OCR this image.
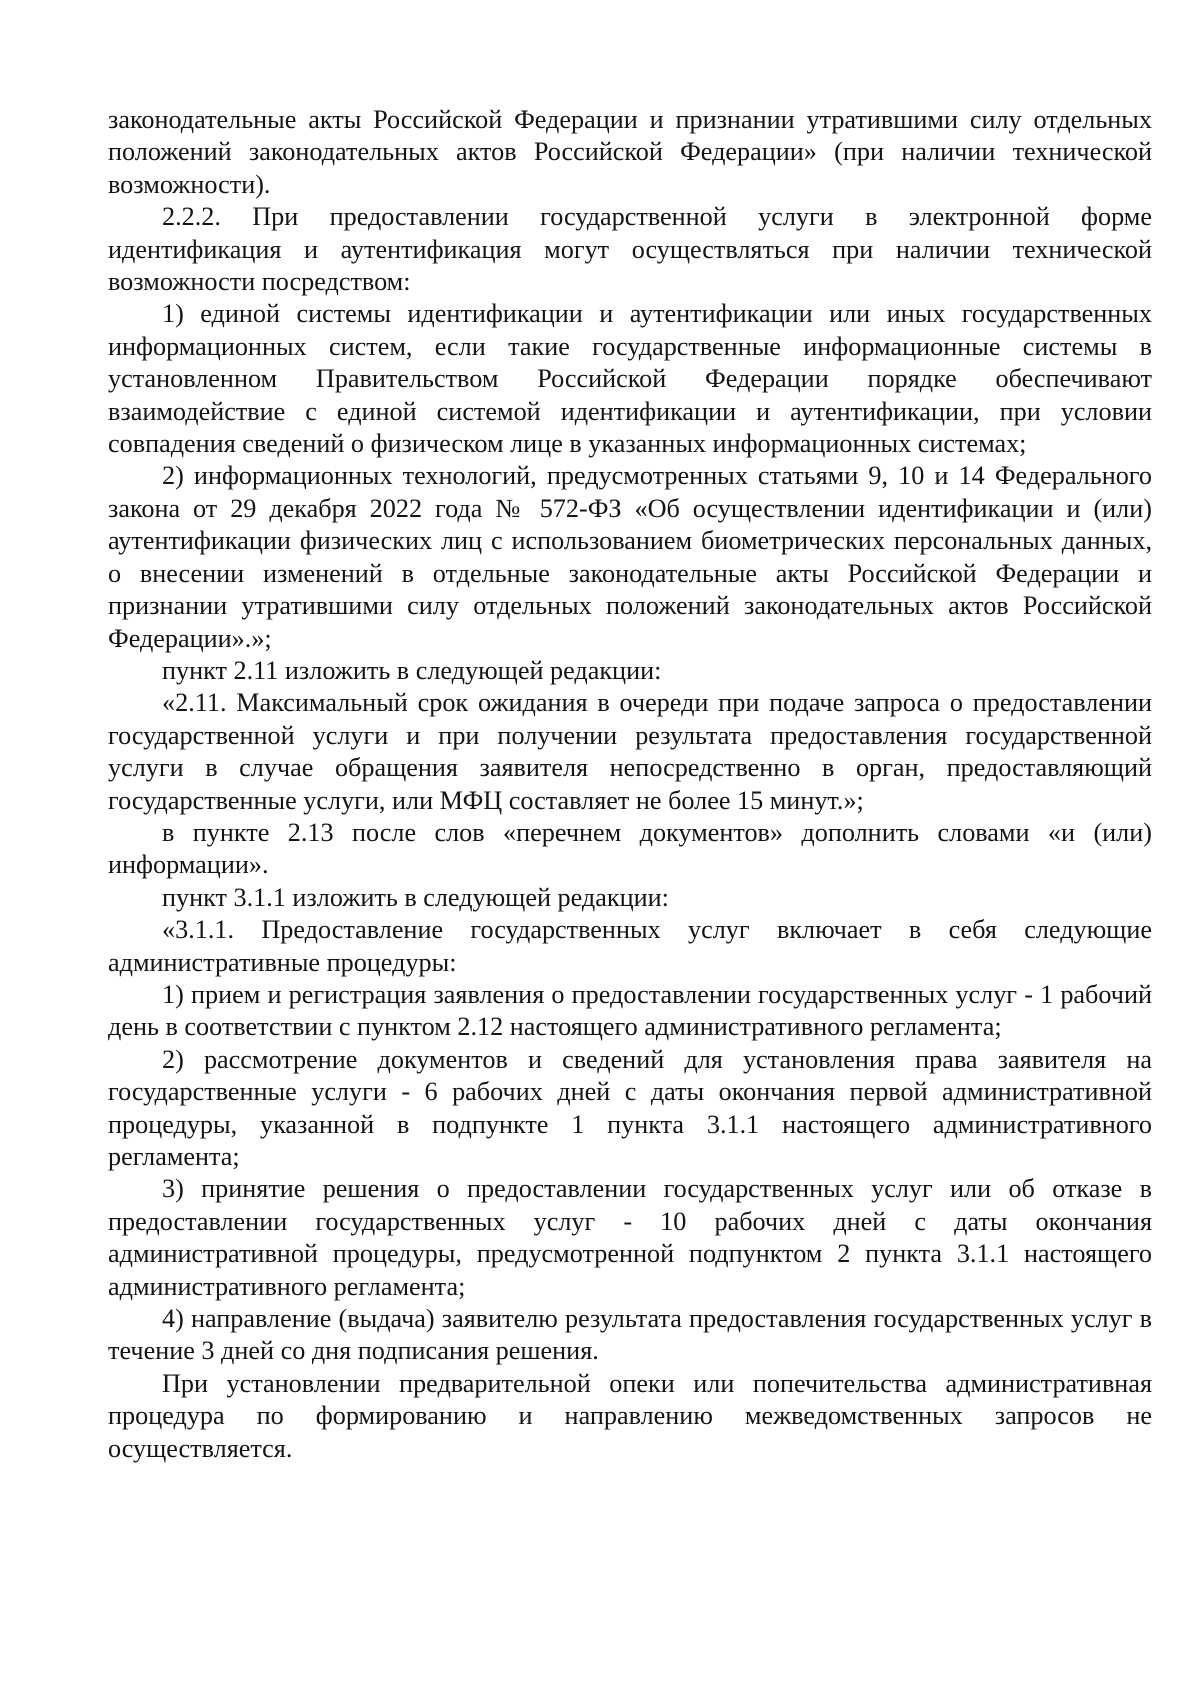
законодательные акты Российской Федерации и признании утратившими силу отдельных положений законодательных актов Российской Федерации» (при наличии технической возможности).

2.2.2. При предоставлении государственной услуги в электронной форме идентификация и аутентификация могут осуществляться при наличии технической возможности посредством:

1) единой системы идентификации и аутентификации или иных государственных информационных систем, если такие государственные информационные системы в установленном Правительством Российской Федерации порядке обеспечивают взаимодействие с единой системой идентификации и аутентификации, при условии совпадения сведений о физическом лице в указанных информационных системах;

2) информационных технологий, предусмотренных статьями 9, 10 и 14 Федерального закона от 29 декабря 2022 года № 572-ФЗ «Об осуществлении идентификации и (или) аутентификации физических лиц с использованием биометрических персональных данных, о внесении изменений в отдельные законодательные акты Российской Федерации и признании утратившими силу отдельных положений законодательных актов Российской Федерации».»;

пункт 2.11 изложить в следующей редакции:

«2.11. Максимальный срок ожидания в очереди при подаче запроса о предоставлении государственной услуги и при получении результата предоставления государственной услуги в случае обращения заявителя непосредственно в орган, предоставляющий государственные услуги, или МФЦ составляет не более 15 минут.»;

в пункте 2.13 после слов «перечнем документов» дополнить словами «и (или) информации».

пункт 3.1.1 изложить в следующей редакции:

«3.1.1. Предоставление государственных услуг включает в себя следующие административные процедуры:

1) прием и регистрация заявления о предоставлении государственных услуг - 1 рабочий день в соответствии с пунктом 2.12 настоящего административного регламента;

2) рассмотрение документов и сведений для установления права заявителя на государственные услуги - 6 рабочих дней с даты окончания первой административной процедуры, указанной в подпункте 1 пункта 3.1.1 настоящего административного регламента;

3) принятие решения о предоставлении государственных услуг или об отказе в предоставлении государственных услуг - 10 рабочих дней с даты окончания административной процедуры, предусмотренной подпунктом 2 пункта 3.1.1 настоящего административного регламента;

4) направление (выдача) заявителю результата предоставления государственных услуг в течение 3 дней со дня подписания решения.

При установлении предварительной опеки или попечительства административная процедура по формированию и направлению межведомственных запросов не осуществляется.
